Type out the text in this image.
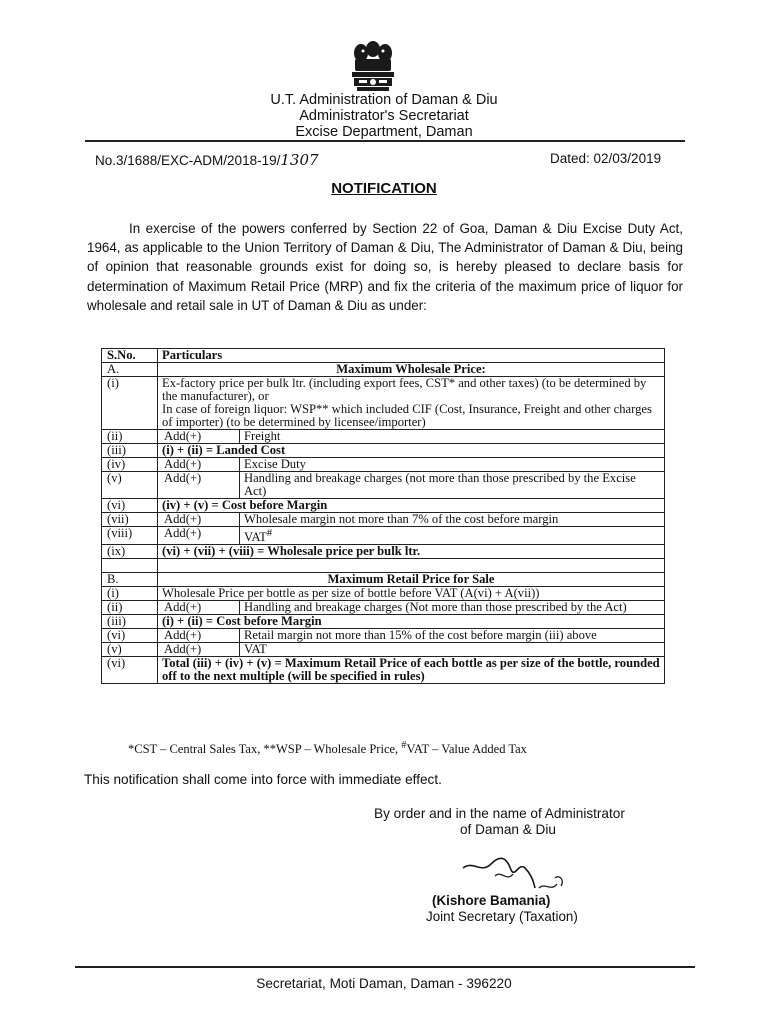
U.T. Administration of Daman & Diu
Administrator's Secretariat
Excise Department, Daman
No.3/1688/EXC-ADM/2018-19/1307	Dated: 02/03/2019
NOTIFICATION
In exercise of the powers conferred by Section 22 of Goa, Daman & Diu Excise Duty Act, 1964, as applicable to the Union Territory of Daman & Diu, The Administrator of Daman & Diu, being of opinion that reasonable grounds exist for doing so, is hereby pleased to declare basis for determination of Maximum Retail Price (MRP) and fix the criteria of the maximum price of liquor for wholesale and retail sale in UT of Daman & Diu as under:
S.No.	Particulars	
A.	Maximum Wholesale Price:	
(i)	Ex-factory price per bulk ltr. (including export fees, CST* and other taxes) (to be determined by the manufacturer), or
In case of foreign liquor: WSP** which included CIF (Cost, Insurance, Freight and other charges of importer) (to be determined by licensee/importer)	

(ii)	Add(+)	Freight
(iii)	(i) + (ii) = Landed Cost	
(iv)	Add(+)	Excise Duty
(v)	Add(+)	Handling and breakage charges (not more than those prescribed by the Excise Act)
(vi)	(iv) + (v) = Cost before Margin	
(vii)	Add(+)	Wholesale margin not more than 7% of the cost before margin
(viii)	Add(+)	VAT#
(ix)	(vi) + (vii) + (viii) = Wholesale price per bulk ltr.	

B.	Maximum Retail Price for Sale	
(i)	Wholesale Price per bottle as per size of bottle before VAT (A(vi) + A(vii))	
(ii)	Add(+)	Handling and breakage charges (Not more than those prescribed by the Act)
(iii)	(i) + (ii) = Cost before Margin	
(vi)	Add(+)	Retail margin not more than 15% of the cost before margin (iii) above
(v)	Add(+)	VAT
(vi)	Total (iii) + (iv) + (v) = Maximum Retail Price of each bottle as per size of the bottle, rounded off to the next multiple (will be specified in rules)	
*CST – Central Sales Tax, **WSP – Wholesale Price, #VAT – Value Added Tax
This notification shall come into force with immediate effect.
By order and in the name of Administrator
of Daman & Diu
(Kishore Bamania)
Joint Secretary (Taxation)
Secretariat, Moti Daman, Daman - 396220
